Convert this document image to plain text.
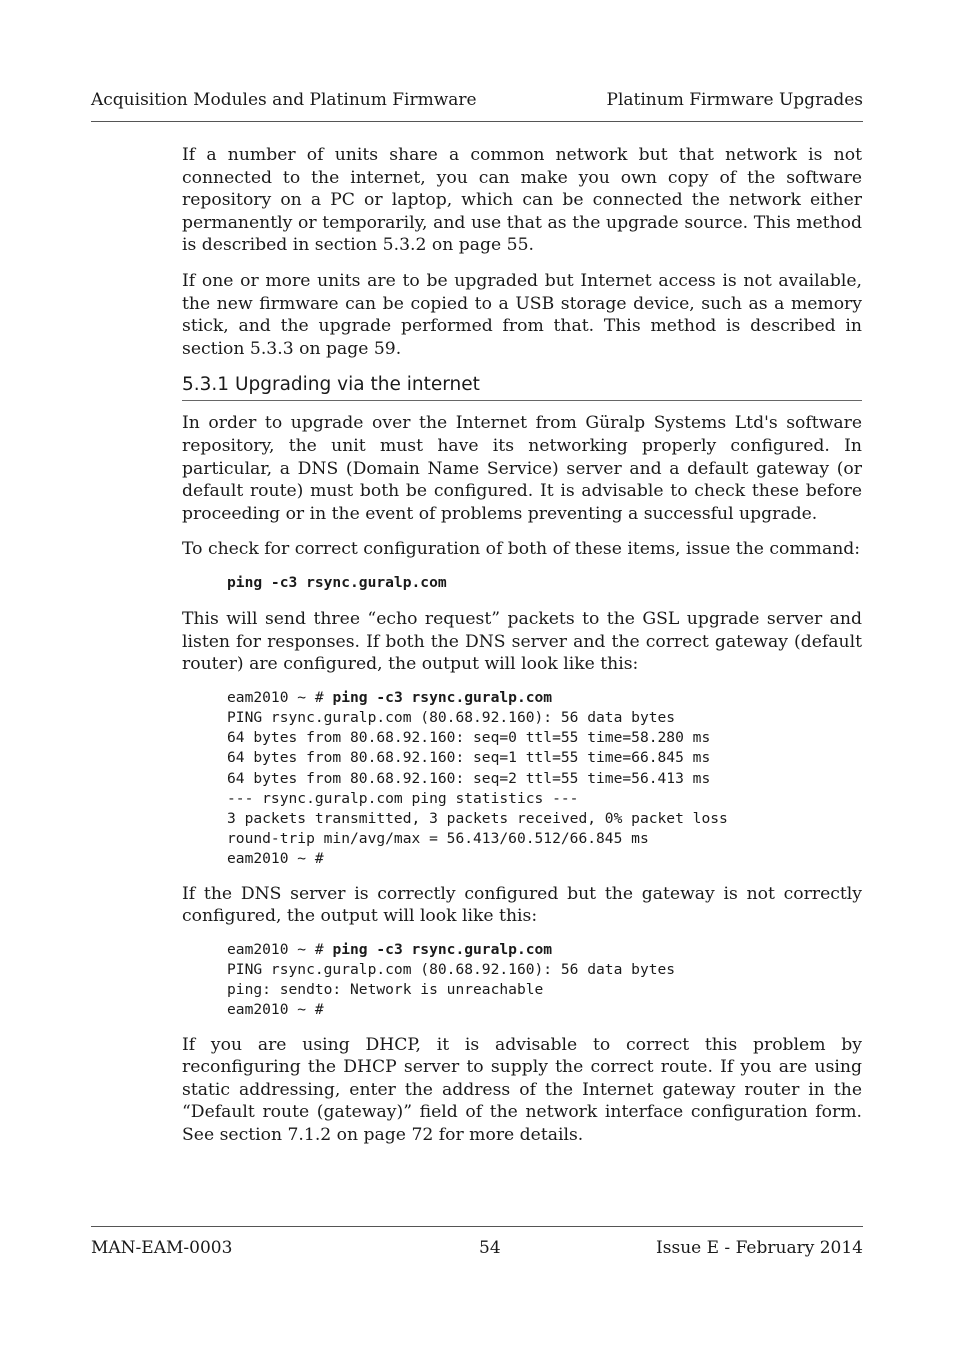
Acquisition Modules and Platinum Firmware	Platinum Firmware Upgrades

If a number of units share a common network but that network is not connected to the internet, you can make you own copy of the software repository on a PC or laptop, which can be connected the network either permanently or temporarily, and use that as the upgrade source. This method is described in section 5.3.2 on page 55.

If one or more units are to be upgraded but Internet access is not available, the new firmware can be copied to a USB storage device, such as a memory stick, and the upgrade performed from that. This method is described in section 5.3.3 on page 59.

5.3.1 Upgrading via the internet

In order to upgrade over the Internet from Güralp Systems Ltd's software repository, the unit must have its networking properly configured. In particular, a DNS (Domain Name Service) server and a default gateway (or default route) must both be configured. It is advisable to check these before proceeding or in the event of problems preventing a successful upgrade.

To check for correct configuration of both of these items, issue the command:

ping -c3 rsync.guralp.com

This will send three “echo request” packets to the GSL upgrade server and listen for responses. If both the DNS server and the correct gateway (default router) are configured, the output will look like this:

eam2010 ~ # ping -c3 rsync.guralp.com
PING rsync.guralp.com (80.68.92.160): 56 data bytes
64 bytes from 80.68.92.160: seq=0 ttl=55 time=58.280 ms
64 bytes from 80.68.92.160: seq=1 ttl=55 time=66.845 ms
64 bytes from 80.68.92.160: seq=2 ttl=55 time=56.413 ms
--- rsync.guralp.com ping statistics ---
3 packets transmitted, 3 packets received, 0% packet loss
round-trip min/avg/max = 56.413/60.512/66.845 ms
eam2010 ~ #

If the DNS server is correctly configured but the gateway is not correctly configured, the output will look like this:

eam2010 ~ # ping -c3 rsync.guralp.com
PING rsync.guralp.com (80.68.92.160): 56 data bytes
ping: sendto: Network is unreachable
eam2010 ~ #

If you are using DHCP, it is advisable to correct this problem by reconfiguring the DHCP server to supply the correct route. If you are using static addressing, enter the address of the Internet gateway router in the “Default route (gateway)” field of the network interface configuration form. See section 7.1.2 on page 72 for more details.

MAN-EAM-0003	54	Issue E - February 2014
